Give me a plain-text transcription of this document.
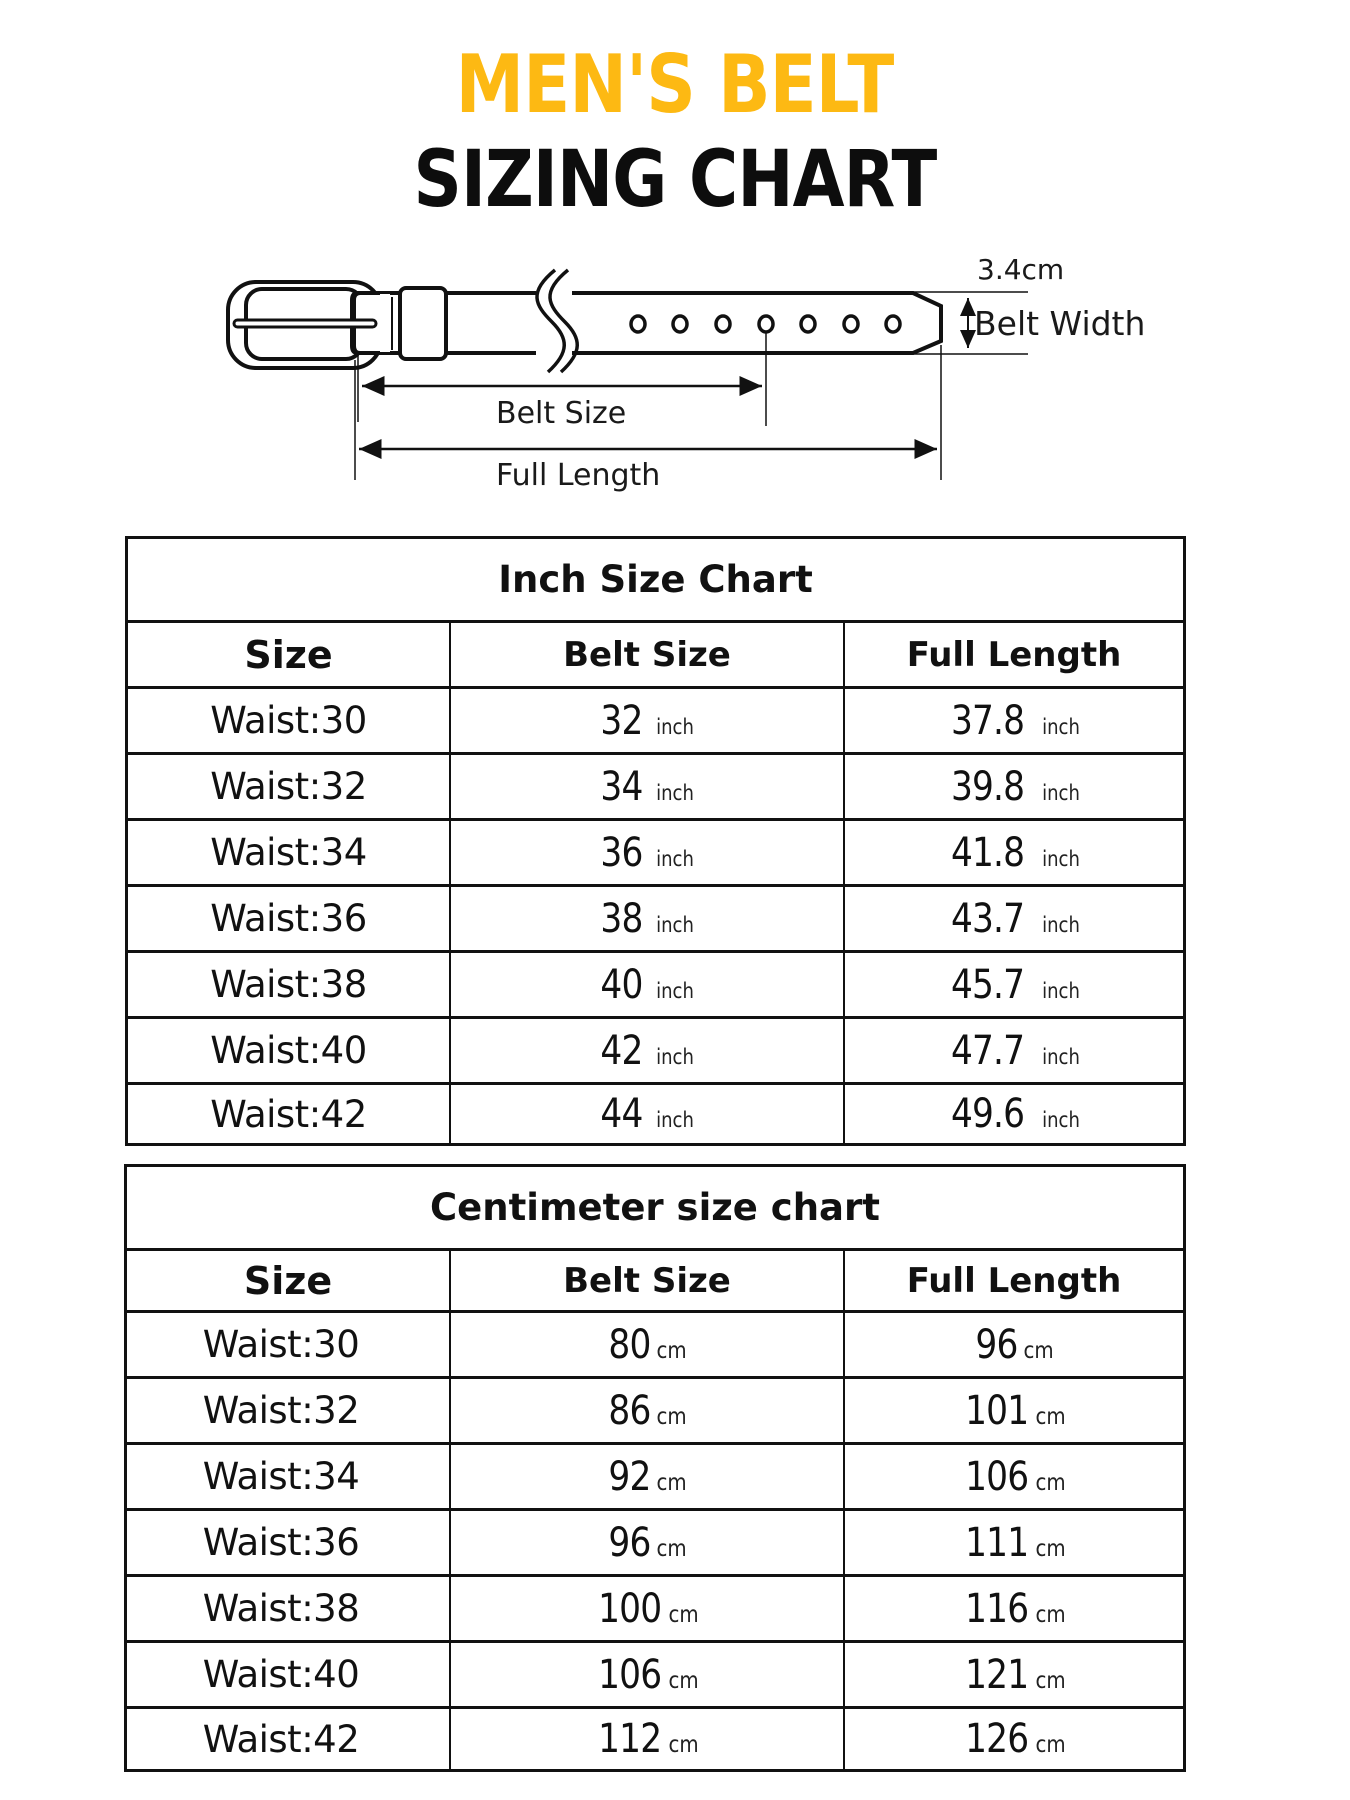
MEN'S BELT
SIZING CHART
3.4cm
Belt Width
Belt Size
Full Length
Inch Size Chart
Size	Belt Size	Full Length
Waist:30	32 inch	37.8 inch
Waist:32	34 inch	39.8 inch
Waist:34	36 inch	41.8 inch
Waist:36	38 inch	43.7 inch
Waist:38	40 inch	45.7 inch
Waist:40	42 inch	47.7 inch
Waist:42	44 inch	49.6 inch
Centimeter size chart
Size	Belt Size	Full Length
Waist:30	80 cm	96 cm
Waist:32	86 cm	101 cm
Waist:34	92 cm	106 cm
Waist:36	96 cm	111 cm
Waist:38	100 cm	116 cm
Waist:40	106 cm	121 cm
Waist:42	112 cm	126 cm
